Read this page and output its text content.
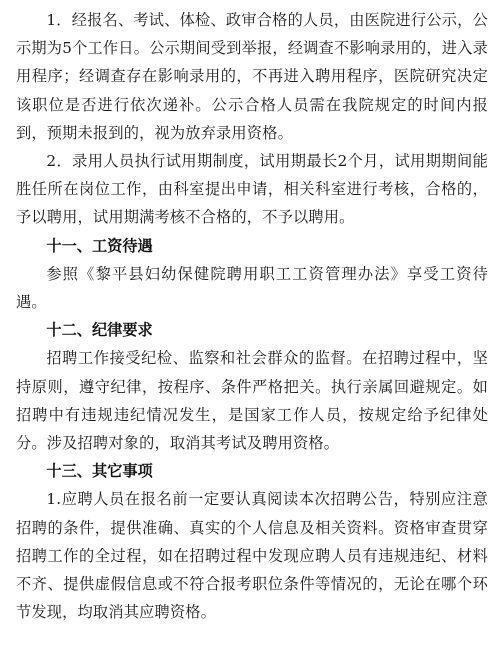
1．经报名、考试、体检、政审合格的人员，由医院进行公示，公示期为5个工作日。公示期间受到举报，经调查不影响录用的，进入录用程序；经调查存在影响录用的，不再进入聘用程序，医院研究决定该职位是否进行依次递补。公示合格人员需在我院规定的时间内报到，预期未报到的，视为放弃录用资格。

2．录用人员执行试用期制度，试用期最长2个月，试用期期间能胜任所在岗位工作，由科室提出申请，相关科室进行考核，合格的，予以聘用，试用期满考核不合格的，不予以聘用。

十一、工资待遇

参照《黎平县妇幼保健院聘用职工工资管理办法》享受工资待遇。

十二、纪律要求

招聘工作接受纪检、监察和社会群众的监督。在招聘过程中，坚持原则，遵守纪律，按程序、条件严格把关。执行亲属回避规定。如招聘中有违规违纪情况发生，是国家工作人员，按规定给予纪律处分。涉及招聘对象的，取消其考试及聘用资格。

十三、其它事项

1.应聘人员在报名前一定要认真阅读本次招聘公告，特别应注意招聘的条件，提供准确、真实的个人信息及相关资料。资格审查贯穿招聘工作的全过程，如在招聘过程中发现应聘人员有违规违纪、材料不齐、提供虚假信息或不符合报考职位条件等情况的，无论在哪个环节发现，均取消其应聘资格。
